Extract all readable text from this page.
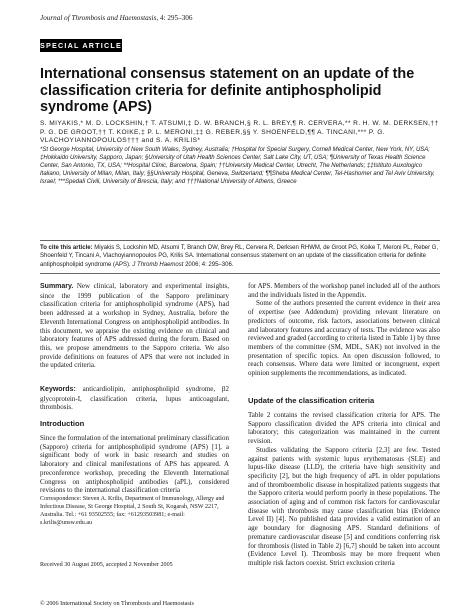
Journal of Thrombosis and Haemostasis, 4: 295–306
SPECIAL ARTICLE
International consensus statement on an update of the classification criteria for definite antiphospholipid syndrome (APS)
S. MIYAKIS,* M. D. LOCKSHIN,† T. ATSUMI,‡ D. W. BRANCH,§ R. L. BREY,¶ R. CERVERA,** R. H. W. M. DERKSEN,†† P. G. DE GROOT,†† T. KOIKE,‡ P. L. MERONI,‡‡ G. REBER,§§ Y. SHOENFELD,¶¶ A. TINCANI,*** P. G. VLACHOYIANNOPOULOS††† and S. A. KRILIS*
*St George Hospital, University of New South Wales, Sydney, Australia; †Hospital for Special Surgery, Cornell Medical Center, New York, NY, USA; ‡Hokkaido University, Sapporo, Japan; §University of Utah Health Sciences Center, Salt Lake City, UT, USA; ¶University of Texas Health Science Center, San Antonio, TX, USA; **Hospital Clinic, Barcelona, Spain; ††University Medical Center, Utrecht, The Netherlands; ‡‡Istituto Auxologico Italiano, University of Milan, Milan, Italy; §§University Hospital, Geneva, Switzerland; ¶¶Sheba Medical Center, Tel-Hashomer and Tel Aviv University, Israel; ***Spedali Civili, University of Brescia, Italy; and †††National University of Athens, Greece
To cite this article: Miyakis S, Lockshin MD, Atsumi T, Branch DW, Brey RL, Cervera R, Derksen RHWM, de Groot PG, Koike T, Meroni PL, Reber G, Shoenfeld Y, Tincani A, Vlachoyiannopoulos PG, Krilis SA. International consensus statement on an update of the classification criteria for definite antiphospholipid syndrome (APS). J Thromb Haemost 2006; 4: 295–306.

Summary. New clinical, laboratory and experimental insights, since the 1999 publication of the Sapporo preliminary classification criteria for antiphospholipid syndrome (APS), had been addressed at a workshop in Sydney, Australia, before the Eleventh International Congress on antiphospholipid antibodies. In this document, we appraise the existing evidence on clinical and laboratory features of APS addressed during the forum. Based on this, we propose amendments to the Sapporo criteria. We also provide definitions on features of APS that were not included in the updated criteria.

Keywords: anticardiolipin, antiphospholipid syndrome, β2 glycoprotein-I, classification criteria, lupus anticoagulant, thrombosis.

Introduction

Since the formulation of the international preliminary classification (Sapporo) criteria for antiphospholipid syndrome (APS) [1], a significant body of work in basic research and studies on laboratory and clinical manifestations of APS has appeared. A preconference workshop, preceding the Eleventh International Congress on antiphospholipid antibodies (aPL), considered revisions to the international classification criteria

Correspondence: Steven A. Krilis, Department of Immunology, Allergy and Infectious Disease, St George Hospital, 2 South St, Kogarah, NSW 2217, Australia. Tel.: +61 93502555; fax: +61293503981; e-mail: s.krilis@unsw.edu.au
Received 30 August 2005, accepted 2 November 2005
© 2006 International Society on Thrombosis and Haemostasis

for APS. Members of the workshop panel included all of the authors and the individuals listed in the Appendix.

Some of the authors presented the current evidence in their area of expertise (see Addendum) providing relevant literature on predictors of outcome, risk factors, associations between clinical and laboratory features and accuracy of tests. The evidence was also reviewed and graded (according to criteria listed in Table 1) by three members of the committee (SM, MDL, SAK) not involved in the presentation of specific topics. An open discussion followed, to reach consensus. Where data were limited or incongruent, expert opinion supplements the recommendations, as indicated.

Update of the classification criteria

Table 2 contains the revised classification criteria for APS. The Sapporo classification divided the APS criteria into clinical and laboratory; this categorization was maintained in the current revision.

Studies validating the Sapporo criteria [2,3] are few. Tested against patients with systemic lupus erythematosus (SLE) and lupus-like disease (LLD), the criteria have high sensitivity and specificity [2], but the high frequency of aPL in older populations and of thromboembolic disease in hospitalized patients suggests that the Sapporo criteria would perform poorly in these populations. The association of aging and of common risk factors for cardiovascular disease with thrombosis may cause classification bias (Evidence Level II) [4]. No published data provides a valid estimation of an age boundary for diagnosing APS. Standard definitions of premature cardiovascular disease [5] and conditions conferring risk for thrombosis (listed in Table 2) [6,7] should be taken into account (Evidence Level I). Thrombosis may be more frequent when multiple risk factors coexist. Strict exclusion criteria
